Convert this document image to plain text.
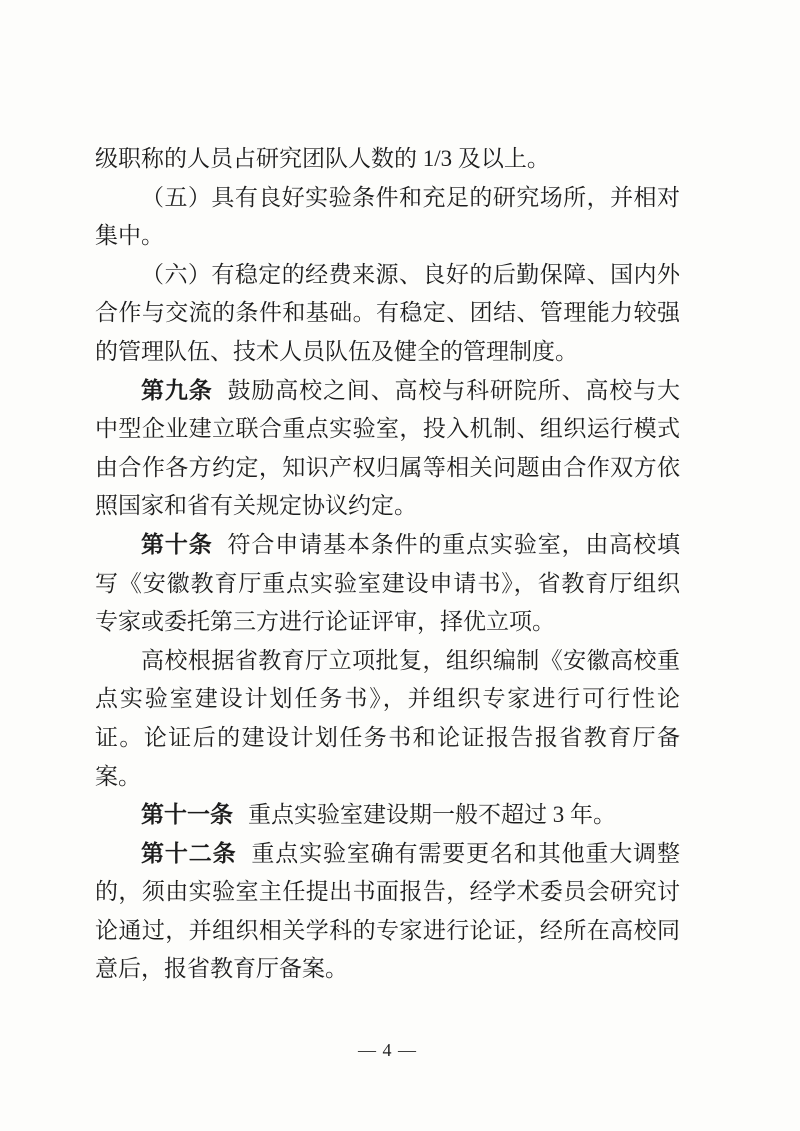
级职称的人员占研究团队人数的 1/3 及以上。

（五）具有良好实验条件和充足的研究场所，并相对集中。

（六）有稳定的经费来源、良好的后勤保障、国内外合作与交流的条件和基础。有稳定、团结、管理能力较强的管理队伍、技术人员队伍及健全的管理制度。

第九条 鼓励高校之间、高校与科研院所、高校与大中型企业建立联合重点实验室，投入机制、组织运行模式由合作各方约定，知识产权归属等相关问题由合作双方依照国家和省有关规定协议约定。

第十条 符合申请基本条件的重点实验室，由高校填写《安徽教育厅重点实验室建设申请书》，省教育厅组织专家或委托第三方进行论证评审，择优立项。

高校根据省教育厅立项批复，组织编制《安徽高校重点实验室建设计划任务书》，并组织专家进行可行性论证。论证后的建设计划任务书和论证报告报省教育厅备案。

第十一条 重点实验室建设期一般不超过 3 年。

第十二条 重点实验室确有需要更名和其他重大调整的，须由实验室主任提出书面报告，经学术委员会研究讨论通过，并组织相关学科的专家进行论证，经所在高校同意后，报省教育厅备案。

— 4 —
